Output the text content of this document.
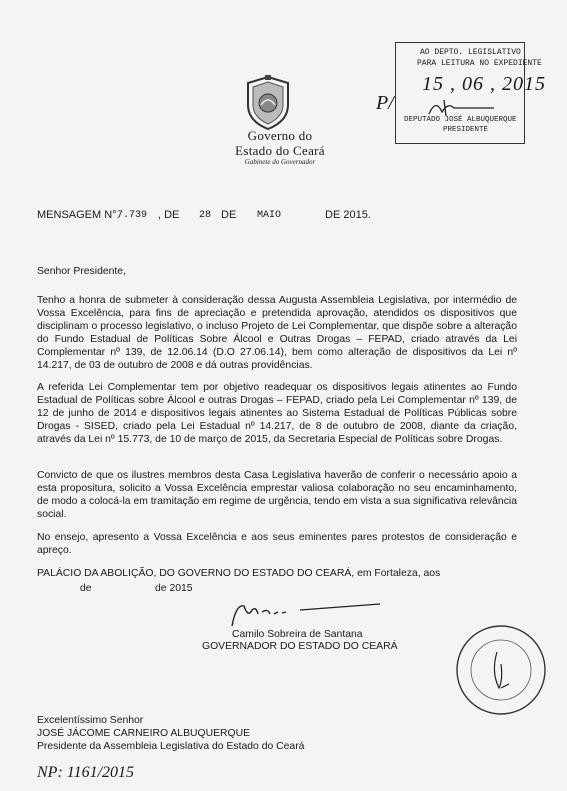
Governo do
Estado do Ceará
Gabinete do Governador
AO DEPTO. LEGISLATIVO
PARA LEITURA NO EXPEDIENTE
15 , 06 , 2015
DEPUTADO JOSÉ ALBUQUERQUE
PRESIDENTE
P/
MENSAGEM N°.
7.739 , DE 28 DE MAIO	DE 2015.
Senhor Presidente,
Tenho a honra de submeter à consideração dessa Augusta Assembleia Legislativa, por intermédio de Vossa Excelência, para fins de apreciação e pretendida aprovação, atendidos os dispositivos que disciplinam o processo legislativo, o incluso Projeto de Lei Complementar, que dispõe sobre a alteração do Fundo Estadual de Políticas Sobre Álcool e Outras Drogas – FEPAD, criado através da Lei Complementar nº 139, de 12.06.14 (D.O 27.06.14), bem como alteração de dispositivos da Lei nº 14.217, de 03 de outubro de 2008 e dá outras providências.
A referida Lei Complementar tem por objetivo readequar os dispositivos legais atinentes ao Fundo Estadual de Políticas sobre Álcool e outras Drogas – FEPAD, criado pela Lei Complementar nº 139, de 12 de junho de 2014 e dispositivos legais atinentes ao Sistema Estadual de Políticas Públicas sobre Drogas - SISED, criado pela Lei Estadual nº 14.217, de 8 de outubro de 2008, diante da criação, através da Lei nº 15.773, de 10 de março de 2015, da Secretaria Especial de Políticas sobre Drogas.
Convicto de que os ilustres membros desta Casa Legislativa haverão de conferir o necessário apoio a esta propositura, solicito a Vossa Excelência emprestar valiosa colaboração no seu encaminhamento, de modo a colocá-la em tramitação em regime de urgência, tendo em vista a sua significativa relevância social.
No ensejo, apresento a Vossa Excelência e aos seus eminentes pares protestos de consideração e apreço.
PALÁCIO DA ABOLIÇÃO, DO GOVERNO DO ESTADO DO CEARÁ, em Fortaleza, aos
de	de 2015
Camilo Sobreira de Santana
GOVERNADOR DO ESTADO DO CEARÁ
Excelentíssimo Senhor
JOSÉ JÁCOME CARNEIRO ALBUQUERQUE
Presidente da Assembleia Legislativa do Estado do Ceará
NP: 1161/2015
